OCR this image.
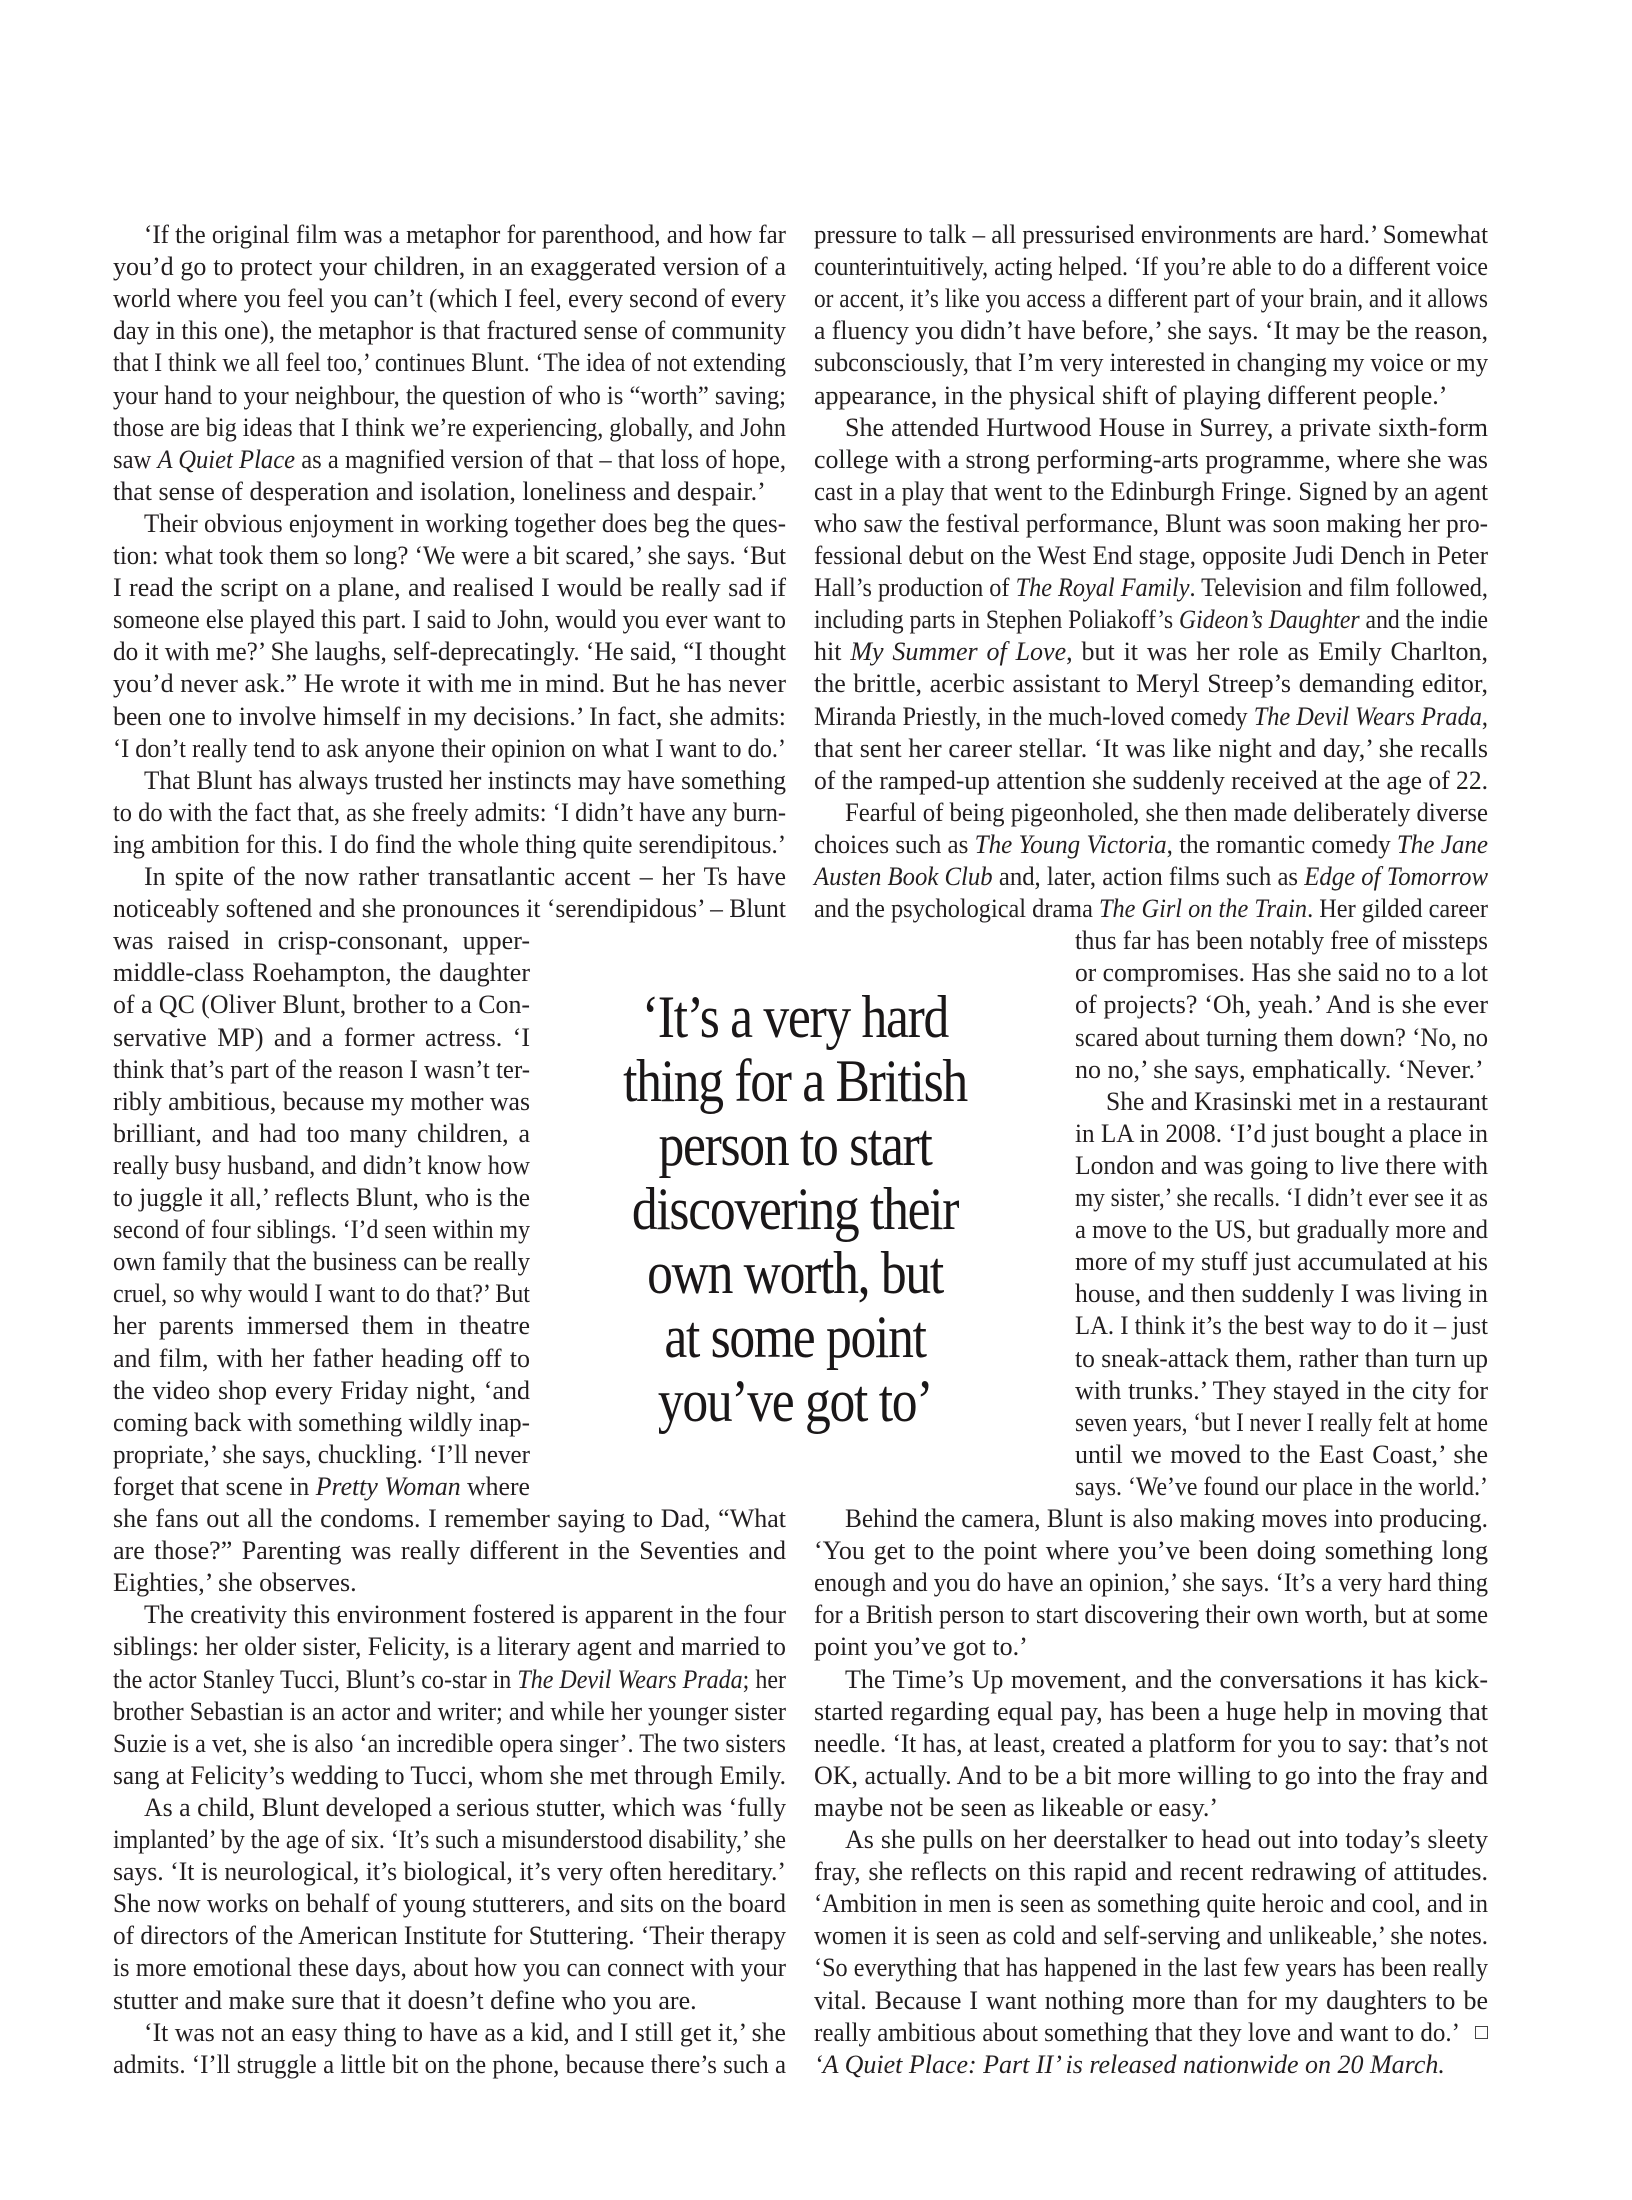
‘If the original film was a metaphor for parenthood, and how far
you’d go to protect your children, in an exaggerated version of a
world where you feel you can’t (which I feel, every second of every
day in this one), the metaphor is that fractured sense of community
that I think we all feel too,’ continues Blunt. ‘The idea of not extending
your hand to your neighbour, the question of who is “worth” saving;
those are big ideas that I think we’re experiencing, globally, and John
saw A Quiet Place as a magnified version of that – that loss of hope,
that sense of desperation and isolation, loneliness and despair.’
Their obvious enjoyment in working together does beg the ques-
tion: what took them so long? ‘We were a bit scared,’ she says. ‘But
I read the script on a plane, and realised I would be really sad if
someone else played this part. I said to John, would you ever want to
do it with me?’ She laughs, self-deprecatingly. ‘He said, “I thought
you’d never ask.” He wrote it with me in mind. But he has never
been one to involve himself in my decisions.’ In fact, she admits:
‘I don’t really tend to ask anyone their opinion on what I want to do.’
That Blunt has always trusted her instincts may have something
to do with the fact that, as she freely admits: ‘I didn’t have any burn-
ing ambition for this. I do find the whole thing quite serendipitous.’
In spite of the now rather transatlantic accent – her Ts have
noticeably softened and she pronounces it ‘serendipidous’ – Blunt
was raised in crisp-consonant, upper-
middle-class Roehampton, the daughter
of a QC (Oliver Blunt, brother to a Con-
servative MP) and a former actress. ‘I
think that’s part of the reason I wasn’t ter-
ribly ambitious, because my mother was
brilliant, and had too many children, a
really busy husband, and didn’t know how
to juggle it all,’ reflects Blunt, who is the
second of four siblings. ‘I’d seen within my
own family that the business can be really
cruel, so why would I want to do that?’ But
her parents immersed them in theatre
and film, with her father heading off to
the video shop every Friday night, ‘and
coming back with something wildly inap-
propriate,’ she says, chuckling. ‘I’ll never
forget that scene in Pretty Woman where
she fans out all the condoms. I remember saying to Dad, “What
are those?” Parenting was really different in the Seventies and
Eighties,’ she observes.
The creativity this environment fostered is apparent in the four
siblings: her older sister, Felicity, is a literary agent and married to
the actor Stanley Tucci, Blunt’s co-star in The Devil Wears Prada; her
brother Sebastian is an actor and writer; and while her younger sister
Suzie is a vet, she is also ‘an incredible opera singer’. The two sisters
sang at Felicity’s wedding to Tucci, whom she met through Emily.
As a child, Blunt developed a serious stutter, which was ‘fully
implanted’ by the age of six. ‘It’s such a misunderstood disability,’ she
says. ‘It is neurological, it’s biological, it’s very often hereditary.’
She now works on behalf of young stutterers, and sits on the board
of directors of the American Institute for Stuttering. ‘Their therapy
is more emotional these days, about how you can connect with your
stutter and make sure that it doesn’t define who you are.
‘It was not an easy thing to have as a kid, and I still get it,’ she
admits. ‘I’ll struggle a little bit on the phone, because there’s such a
pressure to talk – all pressurised environments are hard.’ Somewhat
counterintuitively, acting helped. ‘If you’re able to do a different voice
or accent, it’s like you access a different part of your brain, and it allows
a fluency you didn’t have before,’ she says. ‘It may be the reason,
subconsciously, that I’m very interested in changing my voice or my
appearance, in the physical shift of playing different people.’
She attended Hurtwood House in Surrey, a private sixth-form
college with a strong performing-arts programme, where she was
cast in a play that went to the Edinburgh Fringe. Signed by an agent
who saw the festival performance, Blunt was soon making her pro-
fessional debut on the West End stage, opposite Judi Dench in Peter
Hall’s production of The Royal Family. Television and film followed,
including parts in Stephen Poliakoff’s Gideon’s Daughter and the indie
hit My Summer of Love, but it was her role as Emily Charlton,
the brittle, acerbic assistant to Meryl Streep’s demanding editor,
Miranda Priestly, in the much-loved comedy The Devil Wears Prada,
that sent her career stellar. ‘It was like night and day,’ she recalls
of the ramped-up attention she suddenly received at the age of 22.
Fearful of being pigeonholed, she then made deliberately diverse
choices such as The Young Victoria, the romantic comedy The Jane
Austen Book Club and, later, action films such as Edge of Tomorrow
and the psychological drama The Girl on the Train. Her gilded career
thus far has been notably free of missteps
or compromises. Has she said no to a lot
of projects? ‘Oh, yeah.’ And is she ever
scared about turning them down? ‘No, no
no no,’ she says, emphatically. ‘Never.’
She and Krasinski met in a restaurant
in LA in 2008. ‘I’d just bought a place in
London and was going to live there with
my sister,’ she recalls. ‘I didn’t ever see it as
a move to the US, but gradually more and
more of my stuff just accumulated at his
house, and then suddenly I was living in
LA. I think it’s the best way to do it – just
to sneak-attack them, rather than turn up
with trunks.’ They stayed in the city for
seven years, ‘but I never I really felt at home
until we moved to the East Coast,’ she
says. ‘We’ve found our place in the world.’
Behind the camera, Blunt is also making moves into producing.
‘You get to the point where you’ve been doing something long
enough and you do have an opinion,’ she says. ‘It’s a very hard thing
for a British person to start discovering their own worth, but at some
point you’ve got to.’
The Time’s Up movement, and the conversations it has kick-
started regarding equal pay, has been a huge help in moving that
needle. ‘It has, at least, created a platform for you to say: that’s not
OK, actually. And to be a bit more willing to go into the fray and
maybe not be seen as likeable or easy.’
As she pulls on her deerstalker to head out into today’s sleety
fray, she reflects on this rapid and recent redrawing of attitudes.
‘Ambition in men is seen as something quite heroic and cool, and in
women it is seen as cold and self-serving and unlikeable,’ she notes.
‘So everything that has happened in the last few years has been really
vital. Because I want nothing more than for my daughters to be
really ambitious about something that they love and want to do.’
‘A Quiet Place: Part II’ is released nationwide on 20 March.
‘It’s a very hard
thing for a British
person to start
discovering their
own worth, but
at some point
you’ve got to’
